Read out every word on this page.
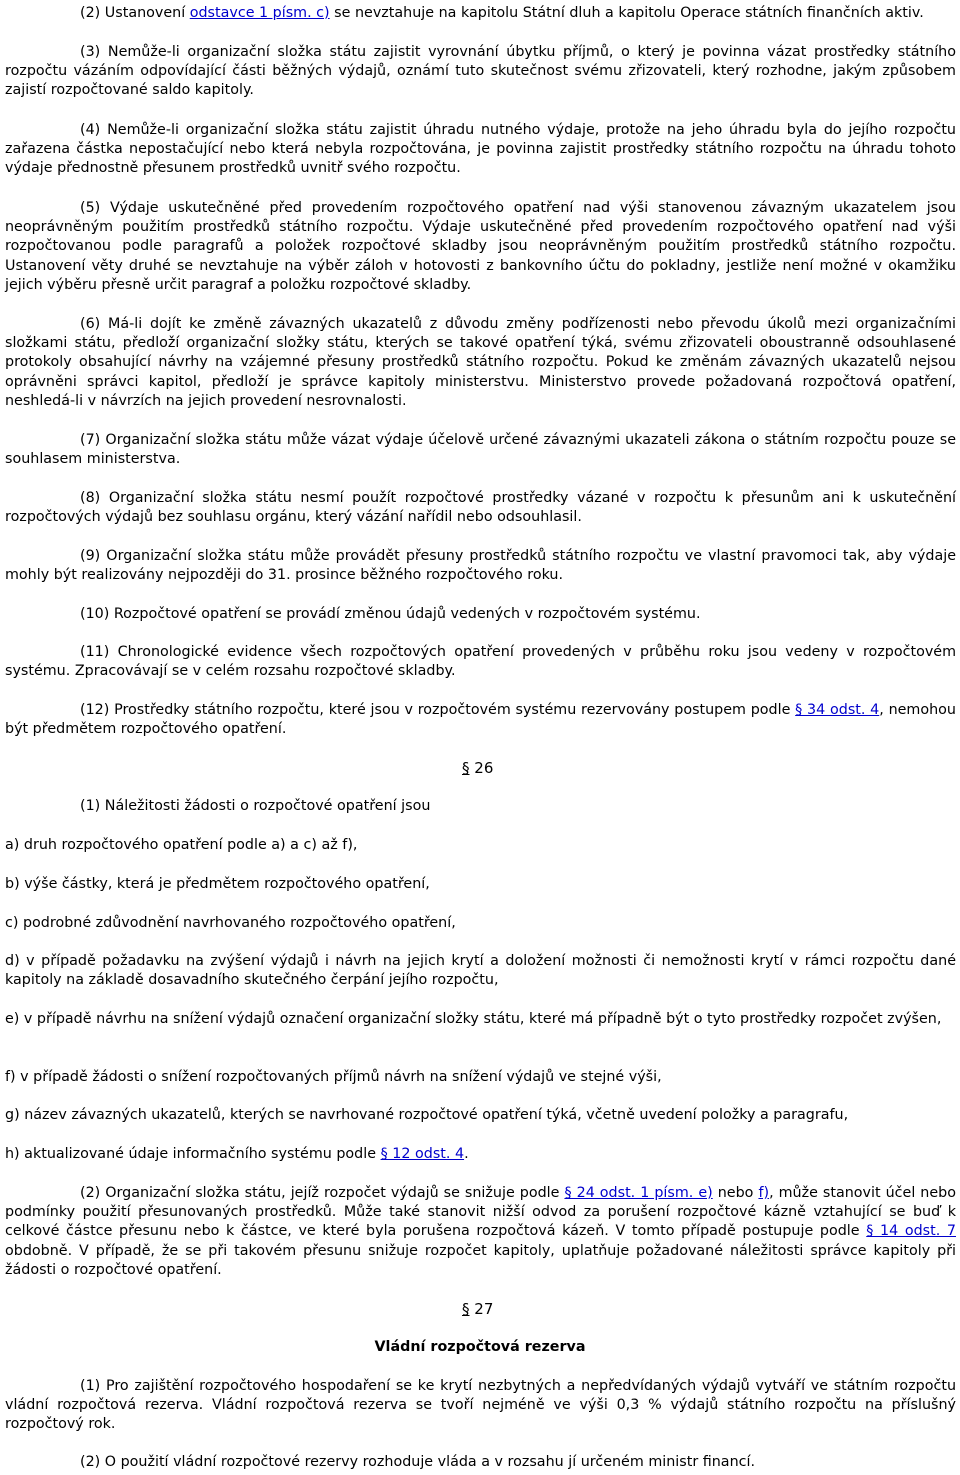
(2) Ustanovení odstavce 1 písm. c) se nevztahuje na kapitolu Státní dluh a kapitolu Operace státních finančních aktiv.

(3) Nemůže-li organizační složka státu zajistit vyrovnání úbytku příjmů, o který je povinna vázat prostředky státního rozpočtu vázáním odpovídající části běžných výdajů, oznámí tuto skutečnost svému zřizovateli, který rozhodne, jakým způsobem zajistí rozpočtované saldo kapitoly.

(4) Nemůže-li organizační složka státu zajistit úhradu nutného výdaje, protože na jeho úhradu byla do jejího rozpočtu zařazena částka nepostačující nebo která nebyla rozpočtována, je povinna zajistit prostředky státního rozpočtu na úhradu tohoto výdaje přednostně přesunem prostředků uvnitř svého rozpočtu.

(5) Výdaje uskutečněné před provedením rozpočtového opatření nad výši stanovenou závazným ukazatelem jsou neoprávněným použitím prostředků státního rozpočtu. Výdaje uskutečněné před provedením rozpočtového opatření nad výši rozpočtovanou podle paragrafů a položek rozpočtové skladby jsou neoprávněným použitím prostředků státního rozpočtu. Ustanovení věty druhé se nevztahuje na výběr záloh v hotovosti z bankovního účtu do pokladny, jestliže není možné v okamžiku jejich výběru přesně určit paragraf a položku rozpočtové skladby.

(6) Má-li dojít ke změně závazných ukazatelů z důvodu změny podřízenosti nebo převodu úkolů mezi organizačními složkami státu, předloží organizační složky státu, kterých se takové opatření týká, svému zřizovateli oboustranně odsouhlasené protokoly obsahující návrhy na vzájemné přesuny prostředků státního rozpočtu. Pokud ke změnám závazných ukazatelů nejsou oprávněni správci kapitol, předloží je správce kapitoly ministerstvu. Ministerstvo provede požadovaná rozpočtová opatření, neshledá-li v návrzích na jejich provedení nesrovnalosti.

(7) Organizační složka státu může vázat výdaje účelově určené závaznými ukazateli zákona o státním rozpočtu pouze se souhlasem ministerstva.

(8) Organizační složka státu nesmí použít rozpočtové prostředky vázané v rozpočtu k přesunům ani k uskutečnění rozpočtových výdajů bez souhlasu orgánu, který vázání nařídil nebo odsouhlasil.

(9) Organizační složka státu může provádět přesuny prostředků státního rozpočtu ve vlastní pravomoci tak, aby výdaje mohly být realizovány nejpozději do 31. prosince běžného rozpočtového roku.

(10) Rozpočtové opatření se provádí změnou údajů vedených v rozpočtovém systému.

(11) Chronologické evidence všech rozpočtových opatření provedených v průběhu roku jsou vedeny v rozpočtovém systému. Zpracovávají se v celém rozsahu rozpočtové skladby.

(12) Prostředky státního rozpočtu, které jsou v rozpočtovém systému rezervovány postupem podle § 34 odst. 4, nemohou být předmětem rozpočtového opatření.

§ 26

(1) Náležitosti žádosti o rozpočtové opatření jsou

a) druh rozpočtového opatření podle a) a c) až f),

b) výše částky, která je předmětem rozpočtového opatření,

c) podrobné zdůvodnění navrhovaného rozpočtového opatření,

d) v případě požadavku na zvýšení výdajů i návrh na jejich krytí a doložení možnosti či nemožnosti krytí v rámci rozpočtu dané kapitoly na základě dosavadního skutečného čerpání jejího rozpočtu,

e) v případě návrhu na snížení výdajů označení organizační složky státu, které má případně být o tyto prostředky rozpočet zvýšen,

f) v případě žádosti o snížení rozpočtovaných příjmů návrh na snížení výdajů ve stejné výši,

g) název závazných ukazatelů, kterých se navrhované rozpočtové opatření týká, včetně uvedení položky a paragrafu,

h) aktualizované údaje informačního systému podle § 12 odst. 4.

(2) Organizační složka státu, jejíž rozpočet výdajů se snižuje podle § 24 odst. 1 písm. e) nebo f), může stanovit účel nebo podmínky použití přesunovaných prostředků. Může také stanovit nižší odvod za porušení rozpočtové kázně vztahující se buď k celkové částce přesunu nebo k částce, ve které byla porušena rozpočtová kázeň. V tomto případě postupuje podle § 14 odst. 7 obdobně. V případě, že se při takovém přesunu snižuje rozpočet kapitoly, uplatňuje požadované náležitosti správce kapitoly při žádosti o rozpočtové opatření.

§ 27
Vládní rozpočtová rezerva

(1) Pro zajištění rozpočtového hospodaření se ke krytí nezbytných a nepředvídaných výdajů vytváří ve státním rozpočtu vládní rozpočtová rezerva. Vládní rozpočtová rezerva se tvoří nejméně ve výši 0,3 % výdajů státního rozpočtu na příslušný rozpočtový rok.

(2) O použití vládní rozpočtové rezervy rozhoduje vláda a v rozsahu jí určeném ministr financí.
